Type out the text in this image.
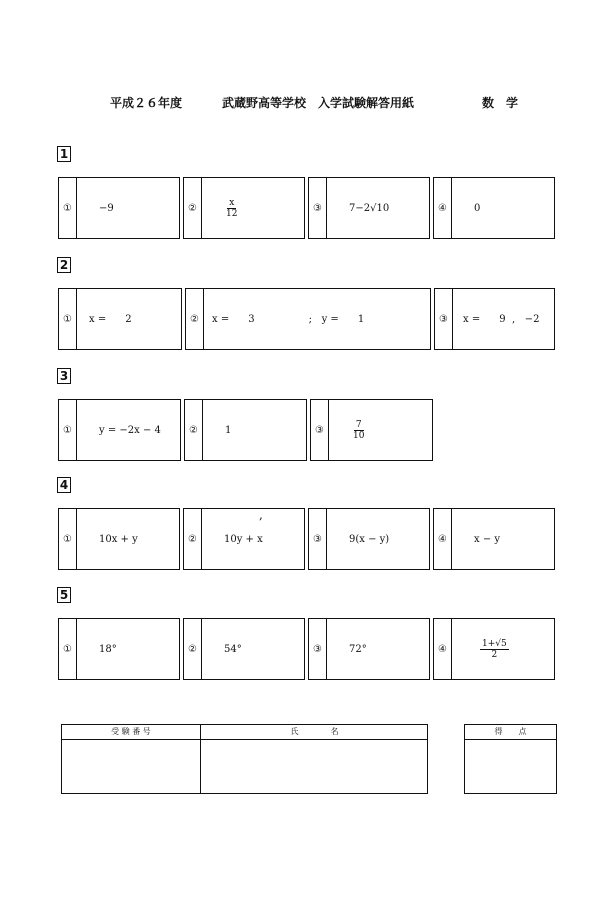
平成２６年度	武蔵野高等学校　入学試験解答用紙	数　学
1
①	−9	②	$\frac{x}{12}$	③	7−2√10	④	0
2
①	x =      2	②	x =      3                 ;   y =      1	③	x =      9  ,   −2
3
①	y = −2x − 4	②	1	③	$\frac{7}{10}$
4
,
①	10x + y	②	10y + x	③	9(x − y)	④	x − y
5
①	18°	②	54°	③	72°	④	$\frac{1+√5}{2}$
受 験 番 号	氏　　　　名	得　　点
